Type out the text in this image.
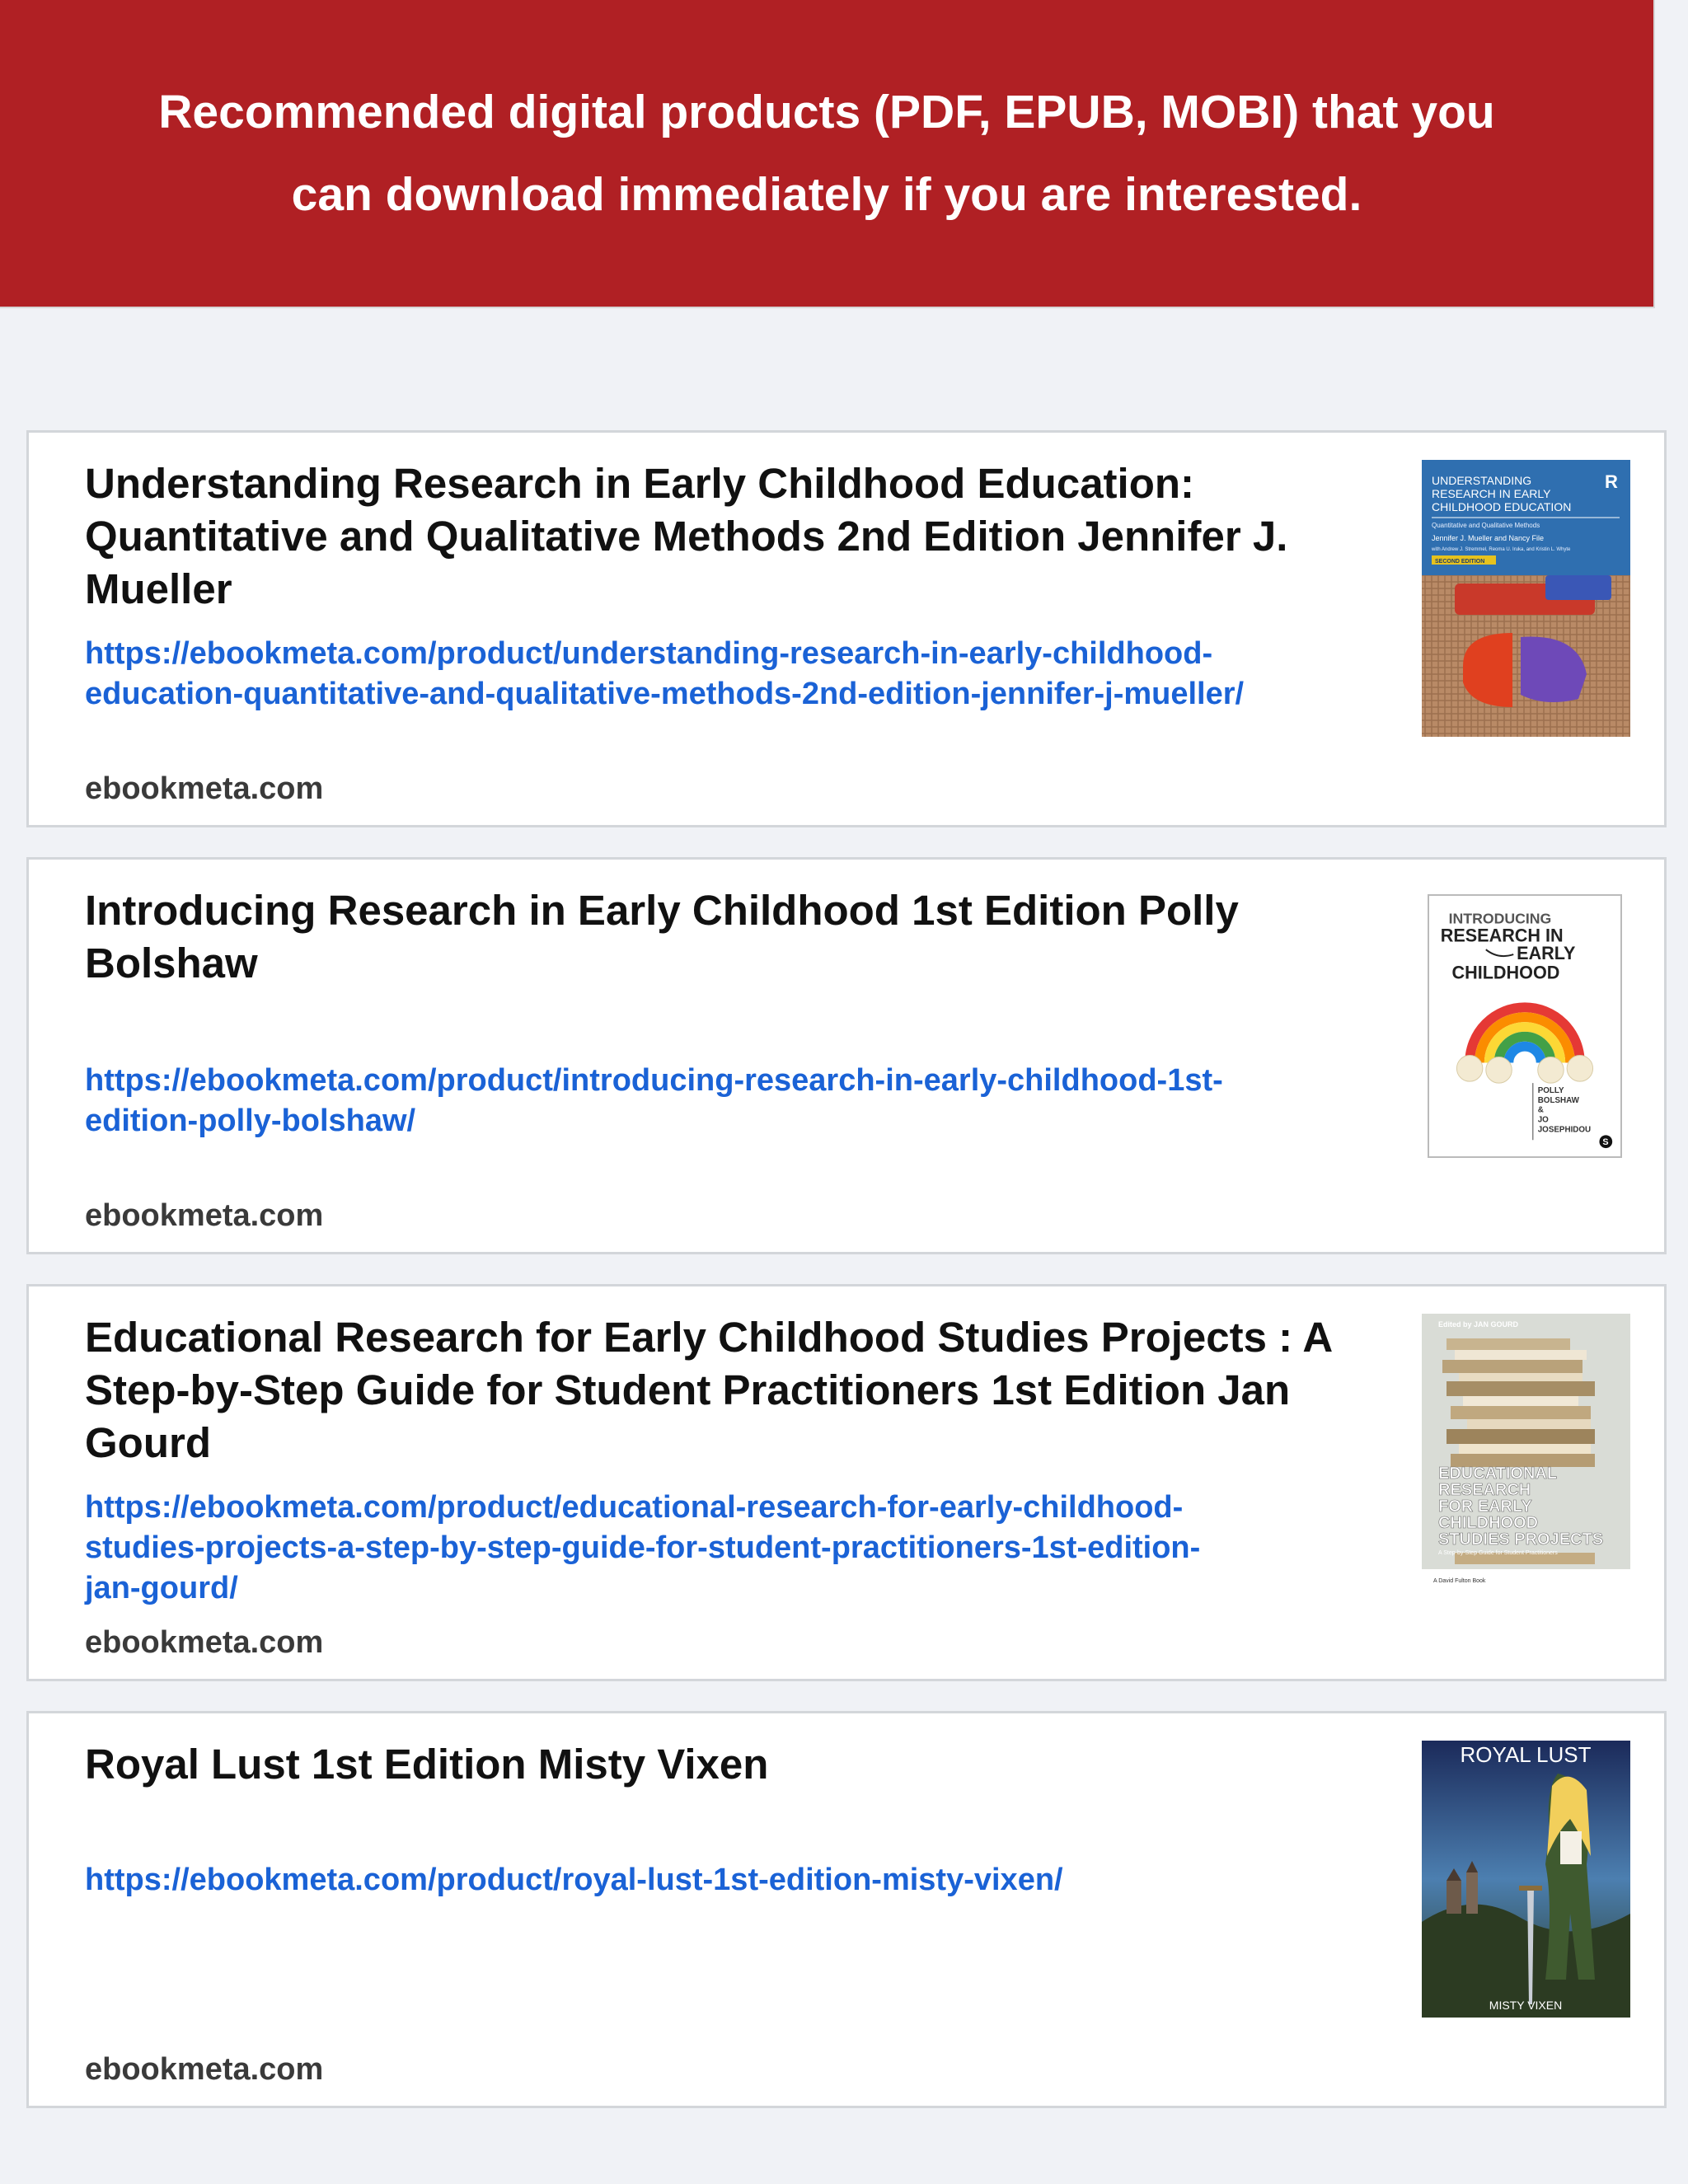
Recommended digital products (PDF, EPUB, MOBI) that you can download immediately if you are interested.
Understanding Research in Early Childhood Education: Quantitative and Qualitative Methods 2nd Edition Jennifer J. Mueller
https://ebookmeta.com/product/understanding-research-in-early-childhood-education-quantitative-and-qualitative-methods-2nd-edition-jennifer-j-mueller/
ebookmeta.com
UNDERSTANDING
RESEARCH IN EARLY
CHILDHOOD EDUCATION
R
Quantitative and Qualitative Methods
Jennifer J. Mueller and Nancy File
with Andrew J. Stremmel, Reoma U. Iruka, and Kristin L. Whyte
SECOND EDITION
Introducing Research in Early Childhood 1st Edition Polly Bolshaw
https://ebookmeta.com/product/introducing-research-in-early-childhood-1st-edition-polly-bolshaw/
ebookmeta.com
INTRODUCING
RESEARCH IN
EARLY
CHILDHOOD
POLLY
BOLSHAW
&
JO
JOSEPHIDOU
S
Educational Research for Early Childhood Studies Projects : A Step-by-Step Guide for Student Practitioners 1st Edition Jan Gourd
https://ebookmeta.com/product/educational-research-for-early-childhood-studies-projects-a-step-by-step-guide-for-student-practitioners-1st-edition-jan-gourd/
ebookmeta.com
Edited by JAN GOURD
EDUCATIONAL
RESEARCH
FOR EARLY
CHILDHOOD
STUDIES PROJECTS
A Step-by-Step Guide for Student Practitioners
A David Fulton Book
Royal Lust 1st Edition Misty Vixen
https://ebookmeta.com/product/royal-lust-1st-edition-misty-vixen/
ebookmeta.com
ROYAL LUST
MISTY VIXEN
